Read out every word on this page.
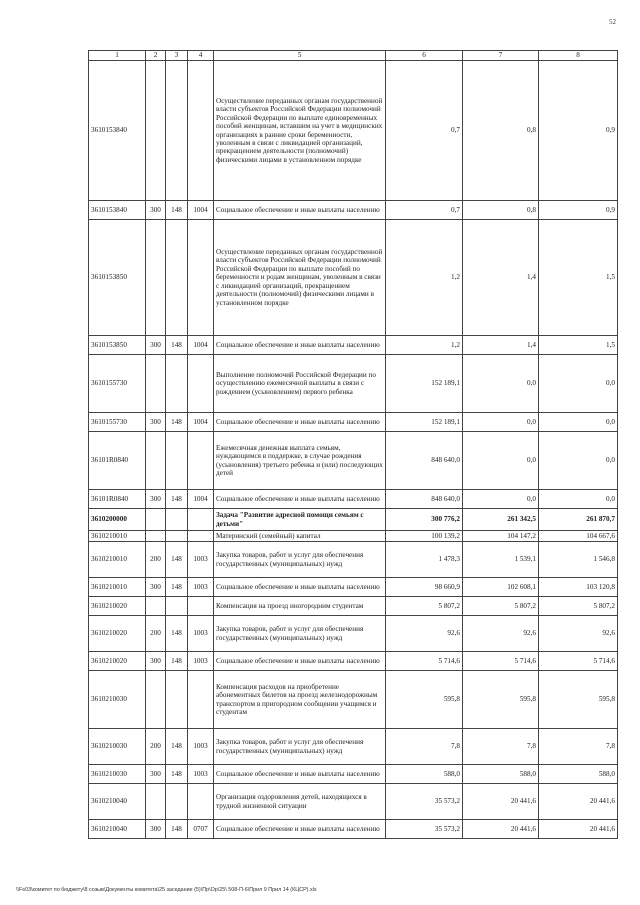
52
1	2	3	4	5	6	7	8
3610153840				Осуществление переданных органам государственной власти субъектов Российской Федерации полномочий Российской Федерации по выплате единовременных пособий женщинам, вставшим на учет в медицинских организациях в ранние сроки беременности, уволенным в связи с ликвидацией организаций, прекращением деятельности (полномочий) физическими лицами в установленном порядке	0,7	0,8	0,9
3610153840	300	148	1004	Социальное обеспечение и иные выплаты населению	0,7	0,8	0,9
3610153850				Осуществление переданных органам государственной власти субъектов Российской Федерации полномочий Российской Федерации по выплате пособий по беременности и родам женщинам, уволенным в связи с ликвидацией организаций, прекращением деятельности (полномочий) физическими лицами в установленном порядке	1,2	1,4	1,5
3610153850	300	148	1004	Социальное обеспечение и иные выплаты населению	1,2	1,4	1,5
3610155730				Выполнение полномочий Российской Федерации по осуществлению ежемесячной выплаты в связи с рождением (усыновлением) первого ребенка	152 189,1	0,0	0,0
3610155730	300	148	1004	Социальное обеспечение и иные выплаты населению	152 189,1	0,0	0,0
36101R0840				Ежемесячная денежная выплата семьям, нуждающимся в поддержке, в случае рождения (усыновления) третьего ребенка и (или) последующих детей	848 640,0	0,0	0,0
36101R0840	300	148	1004	Социальное обеспечение и иные выплаты населению	848 640,0	0,0	0,0
3610200000				Задача "Развитие адресной помощи семьям с детьми"	300 776,2	261 342,5	261 870,7
3610210010				Материнский (семейный) капитал	100 139,2	104 147,2	104 667,6
3610210010	200	148	1003	Закупка товаров, работ и услуг для обеспечения государственных (муниципальных) нужд	1 478,3	1 539,1	1 546,8
3610210010	300	148	1003	Социальное обеспечение и иные выплаты населению	98 660,9	102 608,1	103 120,8
3610210020				Компенсация на проезд иногородним студентам	5 807,2	5 807,2	5 807,2
3610210020	200	148	1003	Закупка товаров, работ и услуг для обеспечения государственных (муниципальных) нужд	92,6	92,6	92,6
3610210020	300	148	1003	Социальное обеспечение и иные выплаты населению	5 714,6	5 714,6	5 714,6
3610210030				Компенсация расходов на приобретение абонементных билетов на проезд железнодорожным транспортом в пригородном сообщении учащимся и студентам	595,8	595,8	595,8
3610210030	200	148	1003	Закупка товаров, работ и услуг для обеспечения государственных (муниципальных) нужд	7,8	7,8	7,8
3610210030	300	148	1003	Социальное обеспечение и иные выплаты населению	588,0	588,0	588,0
3610210040				Организация оздоровления детей, находящихся в трудной жизненной ситуации	35 573,2	20 441,6	20 441,6
3610210040	300	148	0707	Социальное обеспечение и иные выплаты населению	35 573,2	20 441,6	20 441,6
\\Fs03\комитет по бюджету\8 созыв\Документы комитета\25 заседание (5)\Пр\Ор\25\ 508-П-6\Прил 9 Прил 14 (КЦСР).xls
